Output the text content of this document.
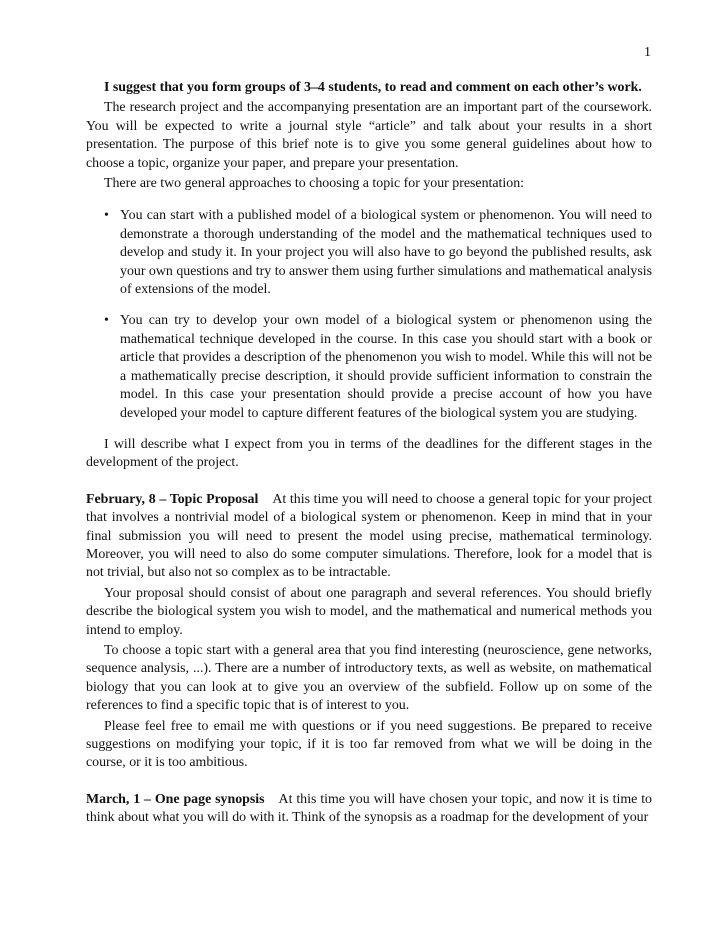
1

I suggest that you form groups of 3–4 students, to read and comment on each other’s work.

The research project and the accompanying presentation are an important part of the coursework. You will be expected to write a journal style “article” and talk about your results in a short presentation. The purpose of this brief note is to give you some general guidelines about how to choose a topic, organize your paper, and prepare your presentation.

There are two general approaches to choosing a topic for your presentation:

• You can start with a published model of a biological system or phenomenon. You will need to demonstrate a thorough understanding of the model and the mathematical techniques used to develop and study it. In your project you will also have to go beyond the published results, ask your own questions and try to answer them using further simulations and mathematical analysis of extensions of the model.
• You can try to develop your own model of a biological system or phenomenon using the mathematical technique developed in the course. In this case you should start with a book or article that provides a description of the phenomenon you wish to model. While this will not be a mathematically precise description, it should provide sufficient information to constrain the model. In this case your presentation should provide a precise account of how you have developed your model to capture different features of the biological system you are studying.

I will describe what I expect from you in terms of the deadlines for the different stages in the development of the project.

February, 8 – Topic Proposal At this time you will need to choose a general topic for your project that involves a nontrivial model of a biological system or phenomenon. Keep in mind that in your final submission you will need to present the model using precise, mathematical terminology. Moreover, you will need to also do some computer simulations. Therefore, look for a model that is not trivial, but also not so complex as to be intractable.

Your proposal should consist of about one paragraph and several references. You should briefly describe the biological system you wish to model, and the mathematical and numerical methods you intend to employ.

To choose a topic start with a general area that you find interesting (neuroscience, gene networks, sequence analysis, ...). There are a number of introductory texts, as well as website, on mathematical biology that you can look at to give you an overview of the subfield. Follow up on some of the references to find a specific topic that is of interest to you.

Please feel free to email me with questions or if you need suggestions. Be prepared to receive suggestions on modifying your topic, if it is too far removed from what we will be doing in the course, or it is too ambitious.

March, 1 – One page synopsis At this time you will have chosen your topic, and now it is time to think about what you will do with it. Think of the synopsis as a roadmap for the development of your
